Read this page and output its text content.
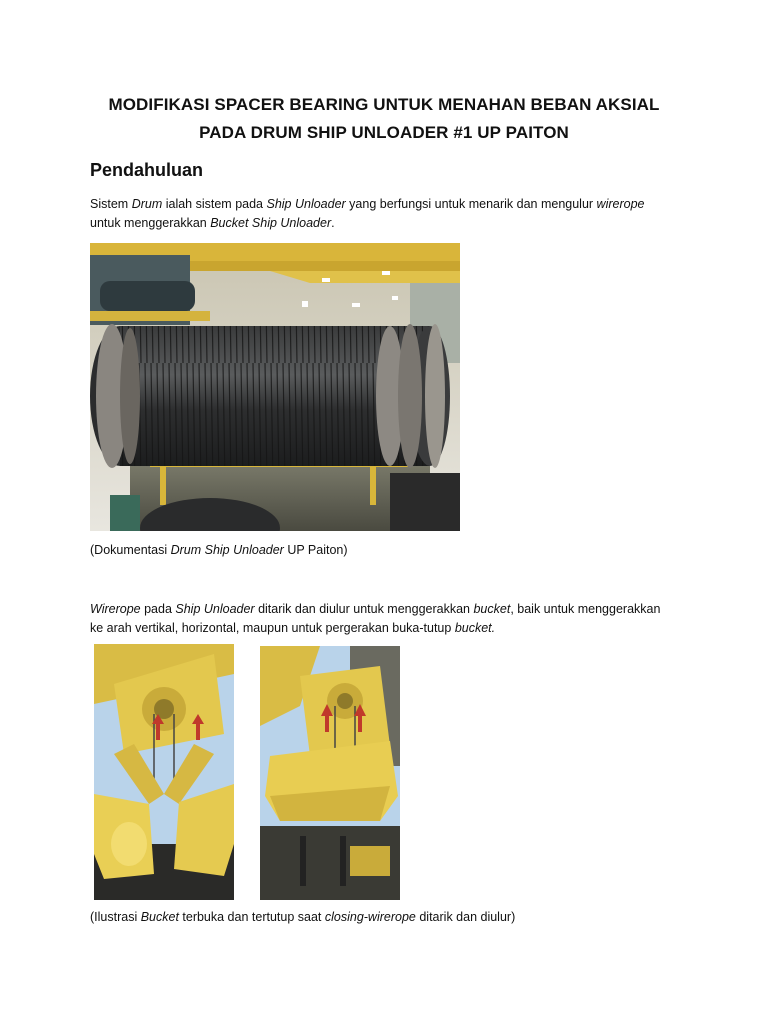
MODIFIKASI SPACER BEARING UNTUK MENAHAN BEBAN AKSIAL
PADA DRUM SHIP UNLOADER #1 UP PAITON
Pendahuluan
Sistem Drum ialah sistem pada Ship Unloader yang berfungsi untuk menarik dan mengulur wirerope
untuk menggerakkan Bucket Ship Unloader.
(Dokumentasi Drum Ship Unloader UP Paiton)
Wirerope pada Ship Unloader ditarik dan diulur untuk menggerakkan bucket, baik untuk menggerakkan
ke arah vertikal, horizontal, maupun untuk pergerakan buka-tutup bucket.
(Ilustrasi Bucket terbuka dan tertutup saat closing-wirerope ditarik dan diulur)
